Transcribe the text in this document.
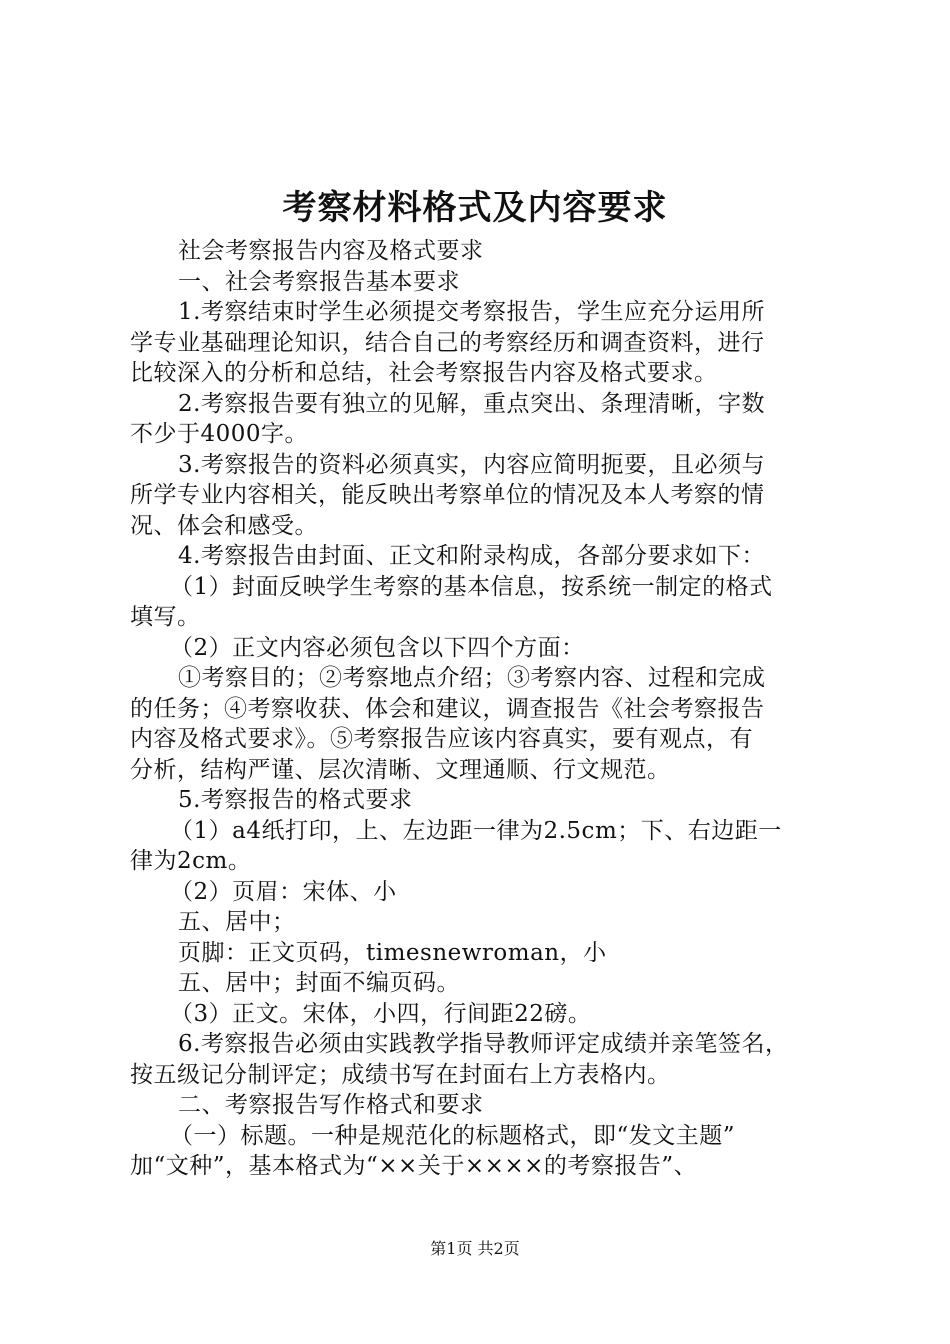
考察材料格式及内容要求
社会考察报告内容及格式要求
一、社会考察报告基本要求
1.考察结束时学生必须提交考察报告，学生应充分运用所
学专业基础理论知识，结合自己的考察经历和调查资料，进行
比较深入的分析和总结，社会考察报告内容及格式要求。
2.考察报告要有独立的见解，重点突出、条理清晰，字数
不少于4000字。
3.考察报告的资料必须真实，内容应简明扼要，且必须与
所学专业内容相关，能反映出考察单位的情况及本人考察的情
况、体会和感受。
4.考察报告由封面、正文和附录构成，各部分要求如下：
（1）封面反映学生考察的基本信息，按系统一制定的格式
填写。
（2）正文内容必须包含以下四个方面：
①考察目的；②考察地点介绍；③考察内容、过程和完成
的任务；④考察收获、体会和建议，调查报告《社会考察报告
内容及格式要求》。⑤考察报告应该内容真实，要有观点，有
分析，结构严谨、层次清晰、文理通顺、行文规范。
5.考察报告的格式要求
（1）a4纸打印，上、左边距一律为2.5cm；下、右边距一
律为2cm。
（2）页眉：宋体、小
五、居中；
页脚：正文页码，timesnewroman，小
五、居中；封面不编页码。
（3）正文。宋体，小四，行间距22磅。
6.考察报告必须由实践教学指导教师评定成绩并亲笔签名，
按五级记分制评定；成绩书写在封面右上方表格内。
二、考察报告写作格式和要求
（一）标题。一种是规范化的标题格式，即“发文主题”
加“文种”，基本格式为“××关于××××的考察报告”、
第1页 共2页
